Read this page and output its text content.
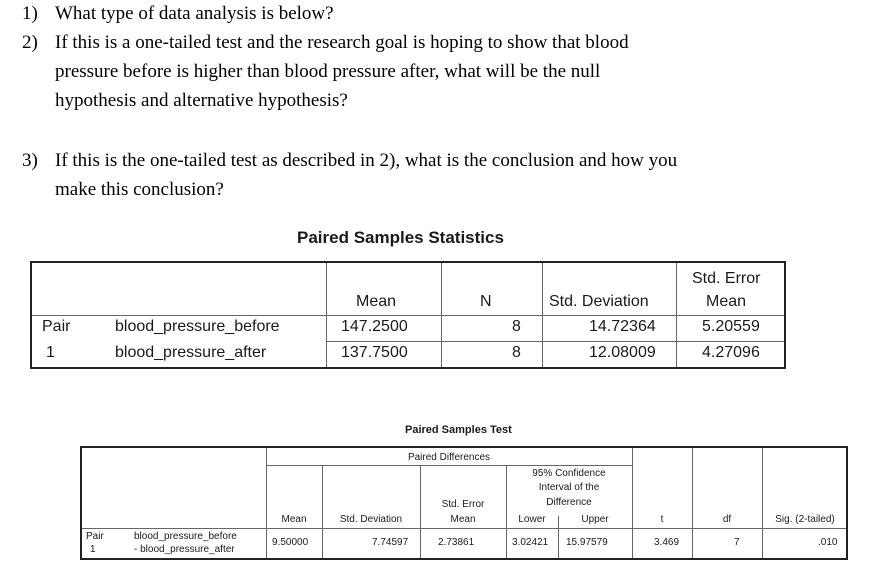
1) What type of data analysis is below?
2) If this is a one-tailed test and the research goal is hoping to show that blood
pressure before is higher than blood pressure after, what will be the null
hypothesis and alternative hypothesis?
3) If this is the one-tailed test as described in 2), what is the conclusion and how you
make this conclusion?
Paired Samples Statistics
Mean	N	Std. Deviation
Std. Error
Mean
Pair
1
blood_pressure_before	147.2500	8	14.72364	5.20559
blood_pressure_after	137.7500	8	12.08009	4.27096
Paired Samples Test
Paired Differences
95% Confidence
Interval of the
Difference
Std. Error
Mean	Std. Deviation	Mean	Lower	Upper	t	df	Sig. (2-tailed)
Pair
1
blood_pressure_before
- blood_pressure_after
9.50000	7.74597	2.73861	3.02421 15.97579	3.469	7	.010
